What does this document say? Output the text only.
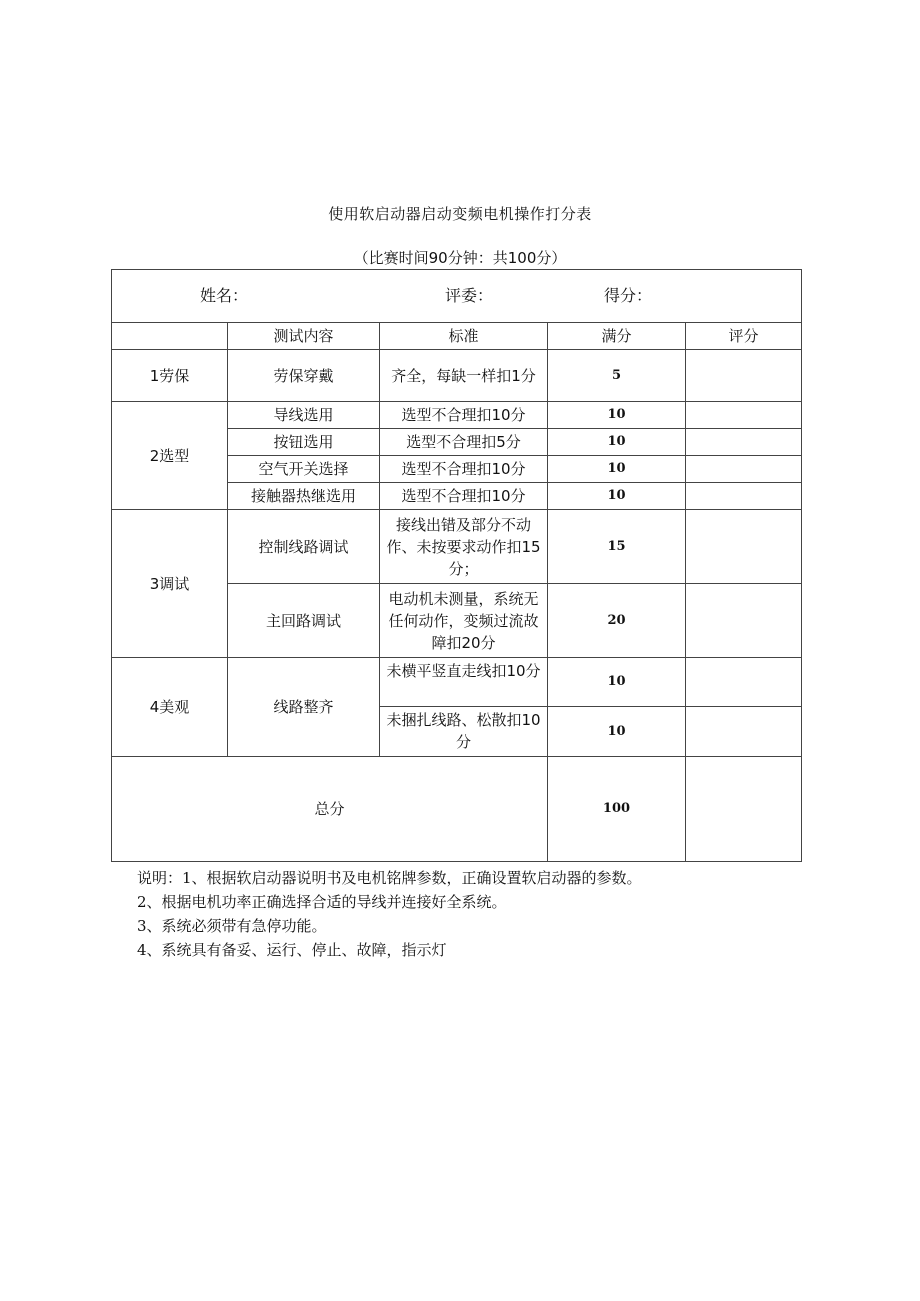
使用软启动器启动变频电机操作打分表
（比赛时间90分钟：共100分）
姓名： 评委： 得分：				

	测试内容	标准	满分	评分
1劳保	劳保穿戴	齐全，每缺一样扣1分	5	
2选型	导线选用	选型不合理扣10分	10	
	按钮选用	选型不合理扣5分	10	
	空气开关选择	选型不合理扣10分	10	
	接触器热继选用	选型不合理扣10分	10	
3调试	控制线路调试	接线出错及部分不动作、未按要求动作扣15分；	15	
	主回路调试	电动机未测量，系统无任何动作，变频过流故障扣20分	20	
4美观	线路整齐	未横平竖直走线扣10分	10	

		未捆扎线路、松散扣10分	10	
总分			100	
说明：1、根据软启动器说明书及电机铭牌参数，正确设置软启动器的参数。
2、根据电机功率正确选择合适的导线并连接好全系统。
3、系统必须带有急停功能。
4、系统具有备妥、运行、停止、故障，指示灯
